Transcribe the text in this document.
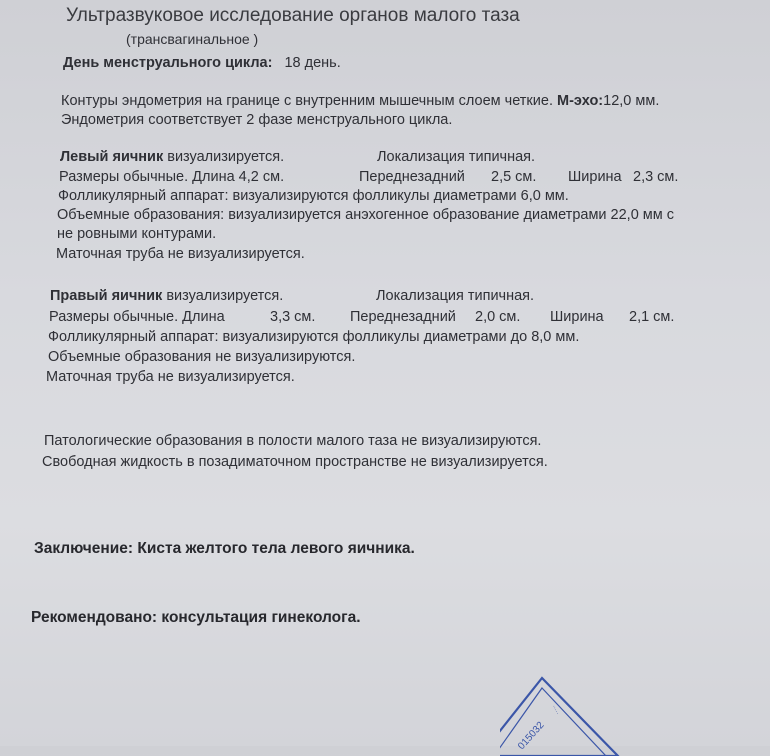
Ультразвуковое исследование органов малого таза
(трансвагинальное )
День менструального цикла: 18 день.
Контуры эндометрия на границе с внутренним мышечным слоем четкие. М-эхо:12,0 мм.
Эндометрия соответствует 2 фазе менструального цикла.
Левый яичник визуализируется.	Локализация типичная.
Размеры обычные. Длина 4,2 см.	Переднезадний 2,5 см. Ширина 2,3 см.
Фолликулярный аппарат: визуализируются фолликулы диаметрами 6,0 мм.
Объемные образования: визуализируется анэхогенное образование диаметрами 22,0 мм с
не ровными контурами.
Маточная труба не визуализируется.
Правый яичник визуализируется.	Локализация типичная.
Размеры обычные. Длина	3,3 см. Переднезадний 2,0 см. Ширина 2,1 см.
Фолликулярный аппарат: визуализируются фолликулы диаметрами до 8,0 мм.
Объемные образования не визуализируются.
Маточная труба не визуализируется.
Патологические образования в полости малого таза не визуализируются.
Свободная жидкость в позадиматочном пространстве не визуализируется.
Заключение: Киста желтого тела левого яичника.
Рекомендовано: консультация гинеколога.
015032
·····
